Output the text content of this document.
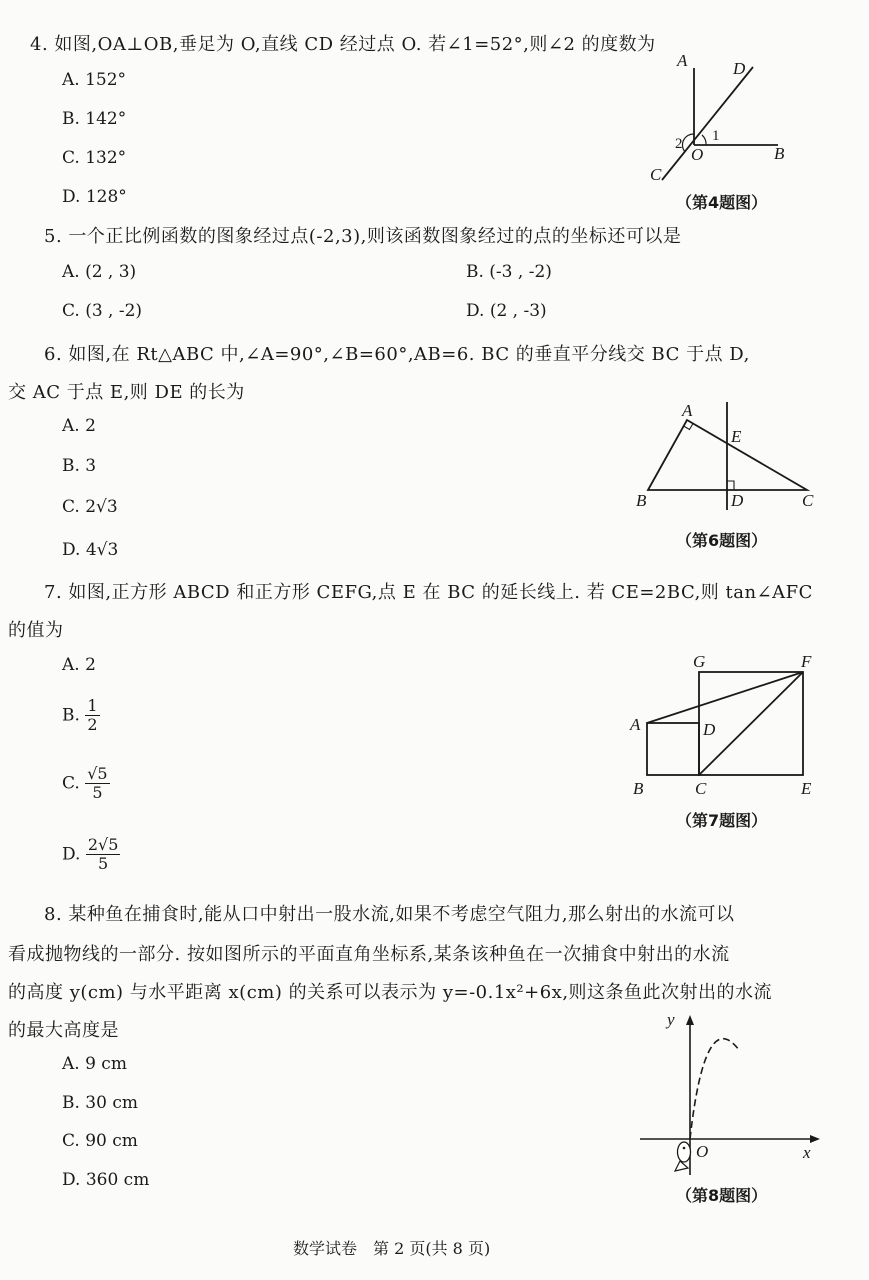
4. 如图,OA⊥OB,垂足为 O,直线 CD 经过点 O. 若∠1=52°,则∠2 的度数为
A. 152°
B. 142°
C. 132°
D. 128°
A	D
O	B
C
1
2
（第4题图）
5. 一个正比例函数的图象经过点(-2,3),则该函数图象经过的点的坐标还可以是
A. (2 , 3)	B. (-3 , -2)
C. (3 , -2)	D. (2 , -3)
6. 如图,在 Rt△ABC 中,∠A=90°,∠B=60°,AB=6. BC 的垂直平分线交 BC 于点 D,
交 AC 于点 E,则 DE 的长为
A. 2
B. 3
C. 2√3
D. 4√3
A
E
B	D	C
（第6题图）
7. 如图,正方形 ABCD 和正方形 CEFG,点 E 在 BC 的延长线上. 若 CE=2BC,则 tan∠AFC
的值为
A. 2
B. $\frac{1}{2}$
C. $\frac{√5}{5}$
D. $\frac{2√5}{5}$
G	F
A	D
B	C	E
（第7题图）
8. 某种鱼在捕食时,能从口中射出一股水流,如果不考虑空气阻力,那么射出的水流可以
看成抛物线的一部分. 按如图所示的平面直角坐标系,某条该种鱼在一次捕食中射出的水流
的高度 y(cm) 与水平距离 x(cm) 的关系可以表示为 y=-0.1x²+6x,则这条鱼此次射出的水流
的最大高度是
A. 9 cm
B. 30 cm
C. 90 cm
D. 360 cm
y
O	x
（第8题图）
数学试卷　第 2 页(共 8 页)
